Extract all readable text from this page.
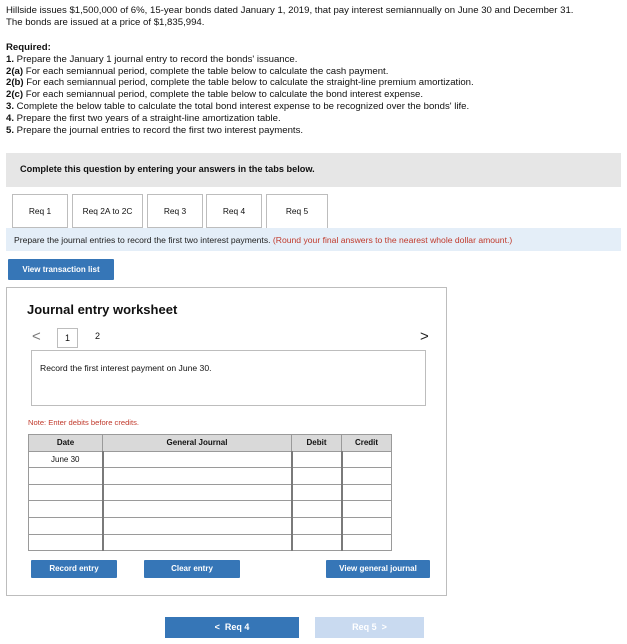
Hillside issues $1,500,000 of 6%, 15-year bonds dated January 1, 2019, that pay interest semiannually on June 30 and December 31.
The bonds are issued at a price of $1,835,994.
Required:
1. Prepare the January 1 journal entry to record the bonds' issuance.
2(a) For each semiannual period, complete the table below to calculate the cash payment.
2(b) For each semiannual period, complete the table below to calculate the straight-line premium amortization.
2(c) For each semiannual period, complete the table below to calculate the bond interest expense.
3. Complete the below table to calculate the total bond interest expense to be recognized over the bonds' life.
4. Prepare the first two years of a straight-line amortization table.
5. Prepare the journal entries to record the first two interest payments.
Complete this question by entering your answers in the tabs below.
Req 1	Req 2A to 2C	Req 3	Req 4	Req 5
Prepare the journal entries to record the first two interest payments. (Round your final answers to the nearest whole dollar amount.)
View transaction list
Journal entry worksheet
<	>
1	2
Record the first interest payment on June 30.
Note: Enter debits before credits.
Date	General Journal	Debit	Credit
June 30			

Record entry	Clear entry	View general journal
< Req 4	Req 5 >
